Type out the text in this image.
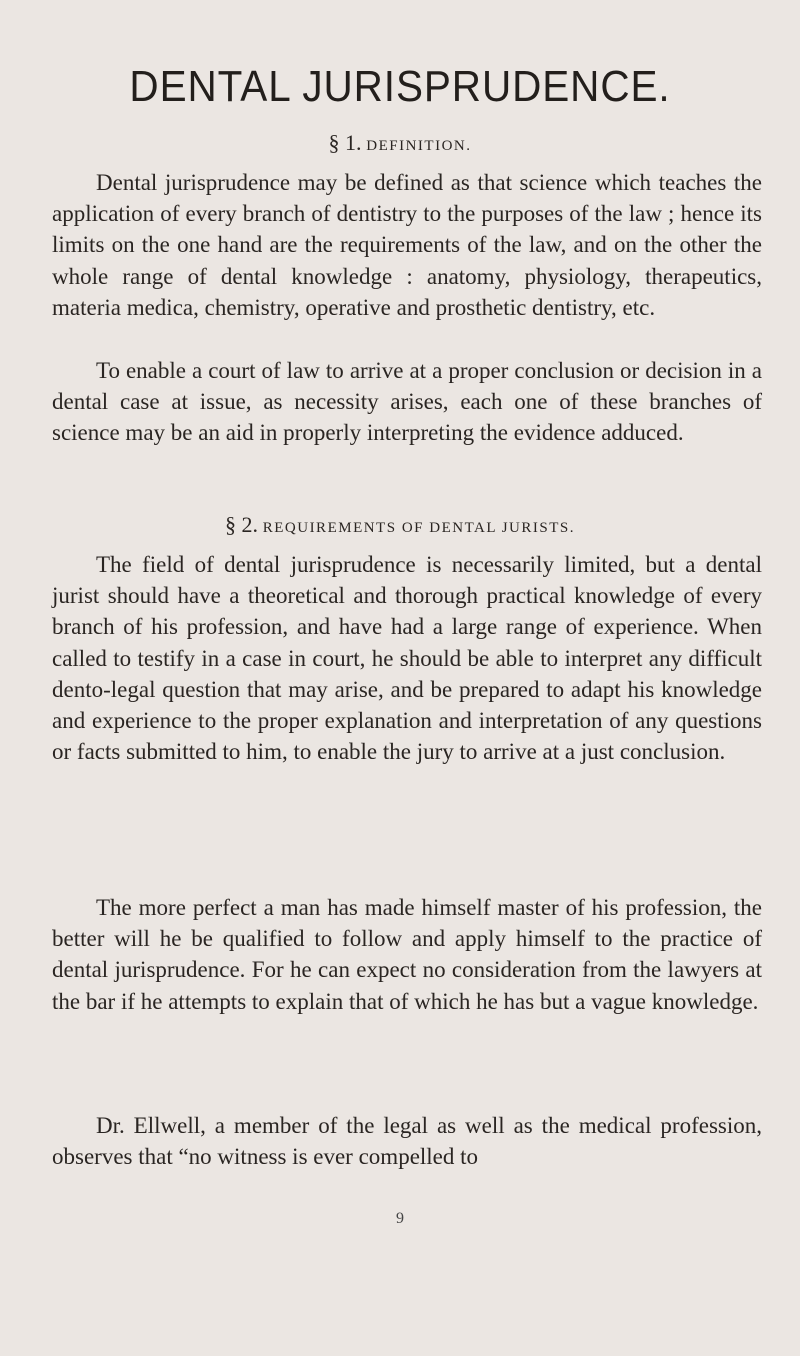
DENTAL JURISPRUDENCE.
§ 1. DEFINITION.

Dental jurisprudence may be defined as that science which teaches the application of every branch of dentistry to the purposes of the law ; hence its limits on the one hand are the requirements of the law, and on the other the whole range of dental knowledge : anatomy, physiology, therapeutics, materia medica, chemistry, operative and prosthetic dentistry, etc.

To enable a court of law to arrive at a proper conclusion or decision in a dental case at issue, as necessity arises, each one of these branches of science may be an aid in properly interpreting the evidence adduced.

§ 2. REQUIREMENTS OF DENTAL JURISTS.

The field of dental jurisprudence is necessarily limited, but a dental jurist should have a theoretical and thorough practical knowledge of every branch of his profession, and have had a large range of experience. When called to testify in a case in court, he should be able to interpret any difficult dento-legal question that may arise, and be prepared to adapt his knowledge and experience to the proper explanation and interpretation of any questions or facts submitted to him, to enable the jury to arrive at a just conclusion.

The more perfect a man has made himself master of his profession, the better will he be qualified to follow and apply himself to the practice of dental jurisprudence. For he can expect no consideration from the lawyers at the bar if he attempts to explain that of which he has but a vague knowledge.

Dr. Ellwell, a member of the legal as well as the medical profession, observes that “no witness is ever compelled to

9
